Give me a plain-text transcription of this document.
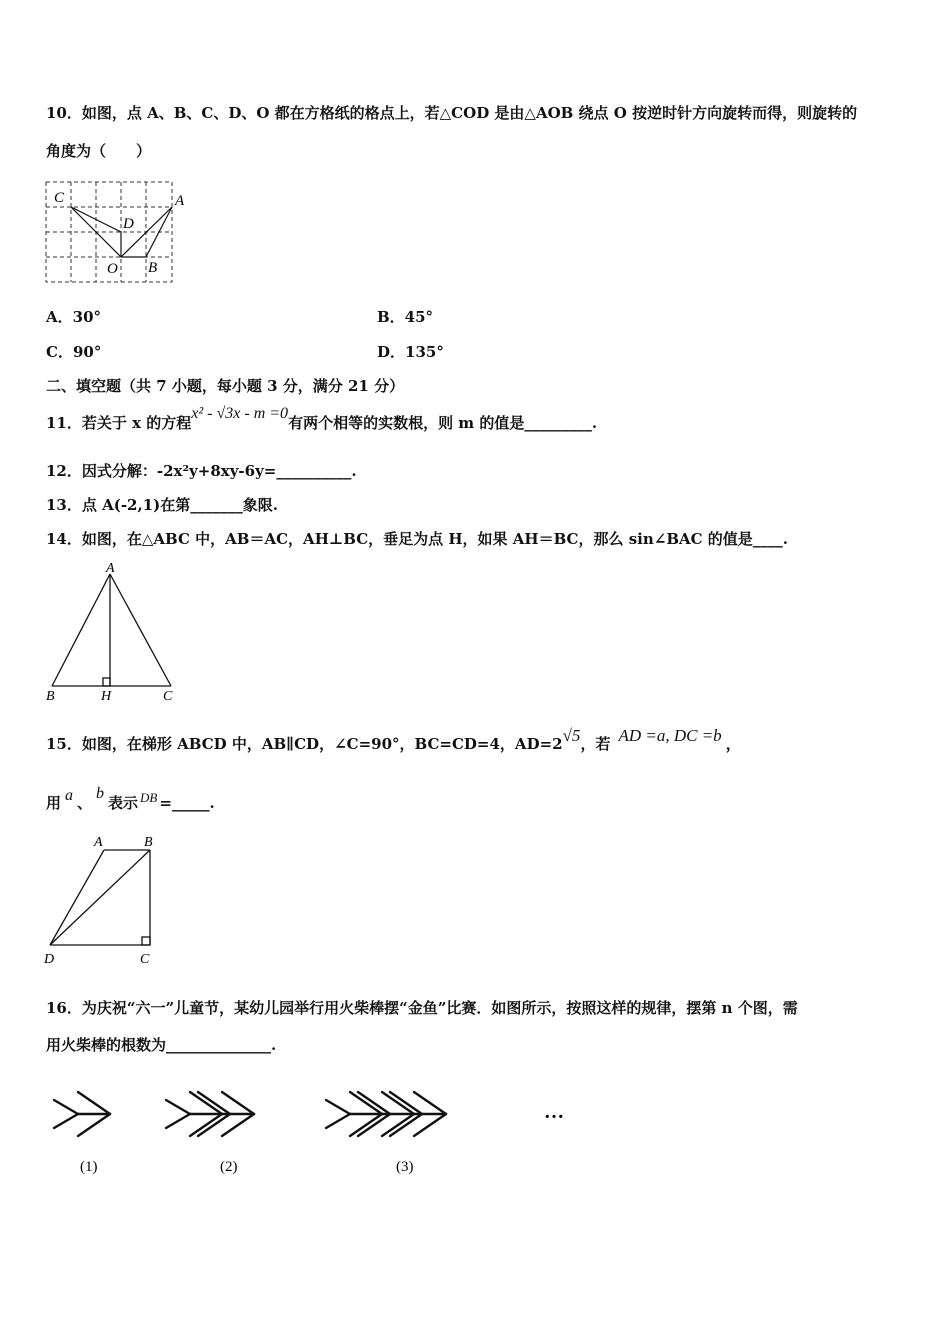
10．如图，点 A、B、C、D、O 都在方格纸的格点上，若△COD 是由△AOB 绕点 O 按逆时针方向旋转而得，则旋转的
角度为（　　）
C	A
D
O B
A．30°	B．45°
C．90°	D．135°
二、填空题（共 7 小题，每小题 3 分，满分 21 分）
11．若关于 x 的方程x² - √3x - m =0有两个相等的实数根，则 m 的值是_________.
12．因式分解：-2x²y+8xy-6y=__________.
13．点 A(-2,1)在第_______象限.
14．如图，在△ABC 中，AB＝AC，AH⊥BC，垂足为点 H，如果 AH＝BC，那么 sin∠BAC 的值是____.
A
B	H	C
15．如图，在梯形 ABCD 中，AB∥CD，∠C=90°，BC=CD=4，AD=2√5，若 AD =a, DC =b ，
用 a 、b表示 DB =_____.
A	B
D	C
16．为庆祝“六一”儿童节，某幼儿园举行用火柴棒摆“金鱼”比赛．如图所示，按照这样的规律，摆第 n 个图，需
用火柴棒的根数为______________.
(1)	(2)	(3)
…
